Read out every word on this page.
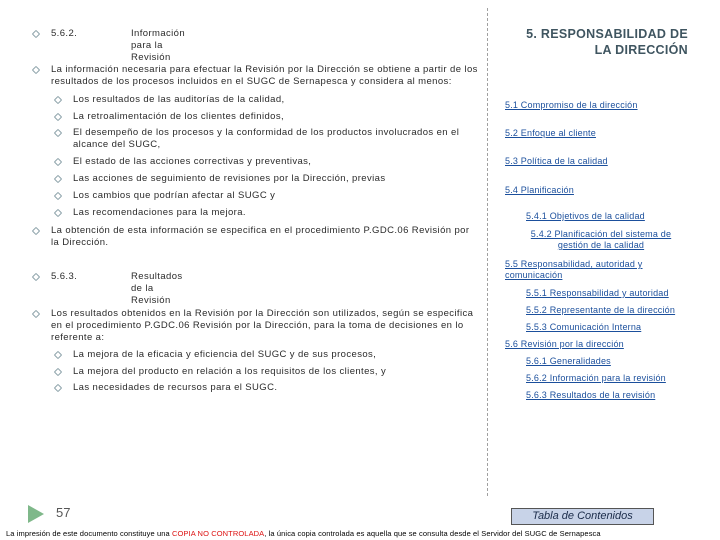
5.6.2.	Información para la Revisión
La información necesaria para efectuar la Revisión por la Dirección se obtiene a partir de los
resultados de los procesos incluidos en el SUGC de Sernapesca y considera al menos:
Los resultados de las auditorías de la calidad,
La retroalimentación de los clientes definidos,
El desempeño de los procesos y la conformidad de los productos involucrados en el
alcance del SUGC,
El estado de las acciones correctivas y preventivas,
Las acciones de seguimiento de revisiones por la Dirección, previas
Los cambios que podrían afectar al SUGC y
Las recomendaciones para la mejora.
La obtención de esta información se especifica en el procedimiento P.GDC.06 Revisión por
la Dirección.
5.6.3.	Resultados de la Revisión
Los resultados obtenidos en la Revisión por la Dirección son utilizados, según se especifica
en el procedimiento P.GDC.06 Revisión por la Dirección, para la toma de decisiones en lo
referente a:
La mejora de la eficacia y eficiencia del SUGC y de sus procesos,
La mejora del producto en relación a los requisitos de los clientes, y
Las necesidades de recursos para el SUGC.
5. RESPONSABILIDAD DE
LA DIRECCIÓN
5.1 Compromiso de la dirección
5.2 Enfoque al cliente
5.3 Política de la calidad
5.4 Planificación
5.4.1 Objetivos de la calidad
5.4.2 Planificación del sistema de
gestión de la calidad
5.5 Responsabilidad, autoridad y
comunicación
5.5.1 Responsabilidad y autoridad
5.5.2 Representante de la dirección
5.5.3 Comunicación Interna
5.6 Revisión por la dirección
5.6.1 Generalidades
5.6.2 Información para la revisión
5.6.3 Resultados de la revisión
57	Tabla de Contenidos
La impresión de este documento constituye una COPIA NO CONTROLADA, la única copia controlada es aquella que se consulta desde el Servidor del SUGC de Sernapesca
